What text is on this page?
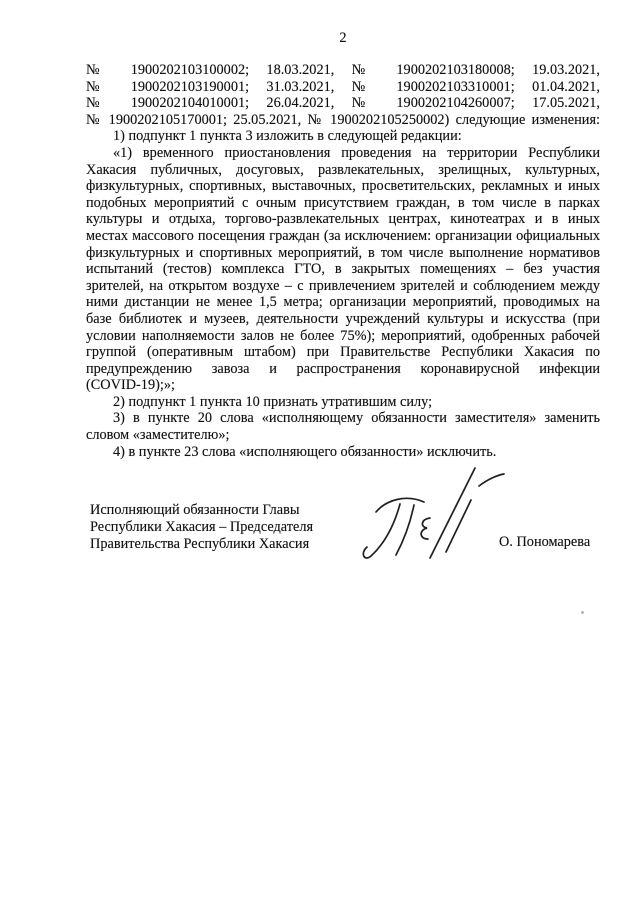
2
№ 1900202103100002; 18.03.2021, № 1900202103180008; 19.03.2021,
№ 1900202103190001; 31.03.2021, № 1900202103310001; 01.04.2021,
№ 1900202104010001; 26.04.2021, № 1900202104260007; 17.05.2021,
№ 1900202105170001; 25.05.2021, № 1900202105250002) следующие изменения:
1) подпункт 1 пункта 3 изложить в следующей редакции:
«1) временного приостановления проведения на территории Республики
Хакасия публичных, досуговых, развлекательных, зрелищных, культурных,
физкультурных, спортивных, выставочных, просветительских, рекламных и иных
подобных мероприятий с очным присутствием граждан, в том числе в парках
культуры и отдыха, торгово-развлекательных центрах, кинотеатрах и в иных
местах массового посещения граждан (за исключением: организации официальных
физкультурных и спортивных мероприятий, в том числе выполнение нормативов
испытаний (тестов) комплекса ГТО, в закрытых помещениях – без участия
зрителей, на открытом воздухе – с привлечением зрителей и соблюдением между
ними дистанции не менее 1,5 метра; организации мероприятий, проводимых на
базе библиотек и музеев, деятельности учреждений культуры и искусства (при
условии наполняемости залов не более 75%); мероприятий, одобренных рабочей
группой (оперативным штабом) при Правительстве Республики Хакасия по
предупреждению завоза и распространения коронавирусной инфекции
(COVID-19);»;
2) подпункт 1 пункта 10 признать утратившим силу;
3) в пункте 20 слова «исполняющему обязанности заместителя» заменить
словом «заместителю»;
4) в пункте 23 слова «исполняющего обязанности» исключить.
Исполняющий обязанности Главы
Республики Хакасия – Председателя
Правительства Республики Хакасия	О. Пономарева
